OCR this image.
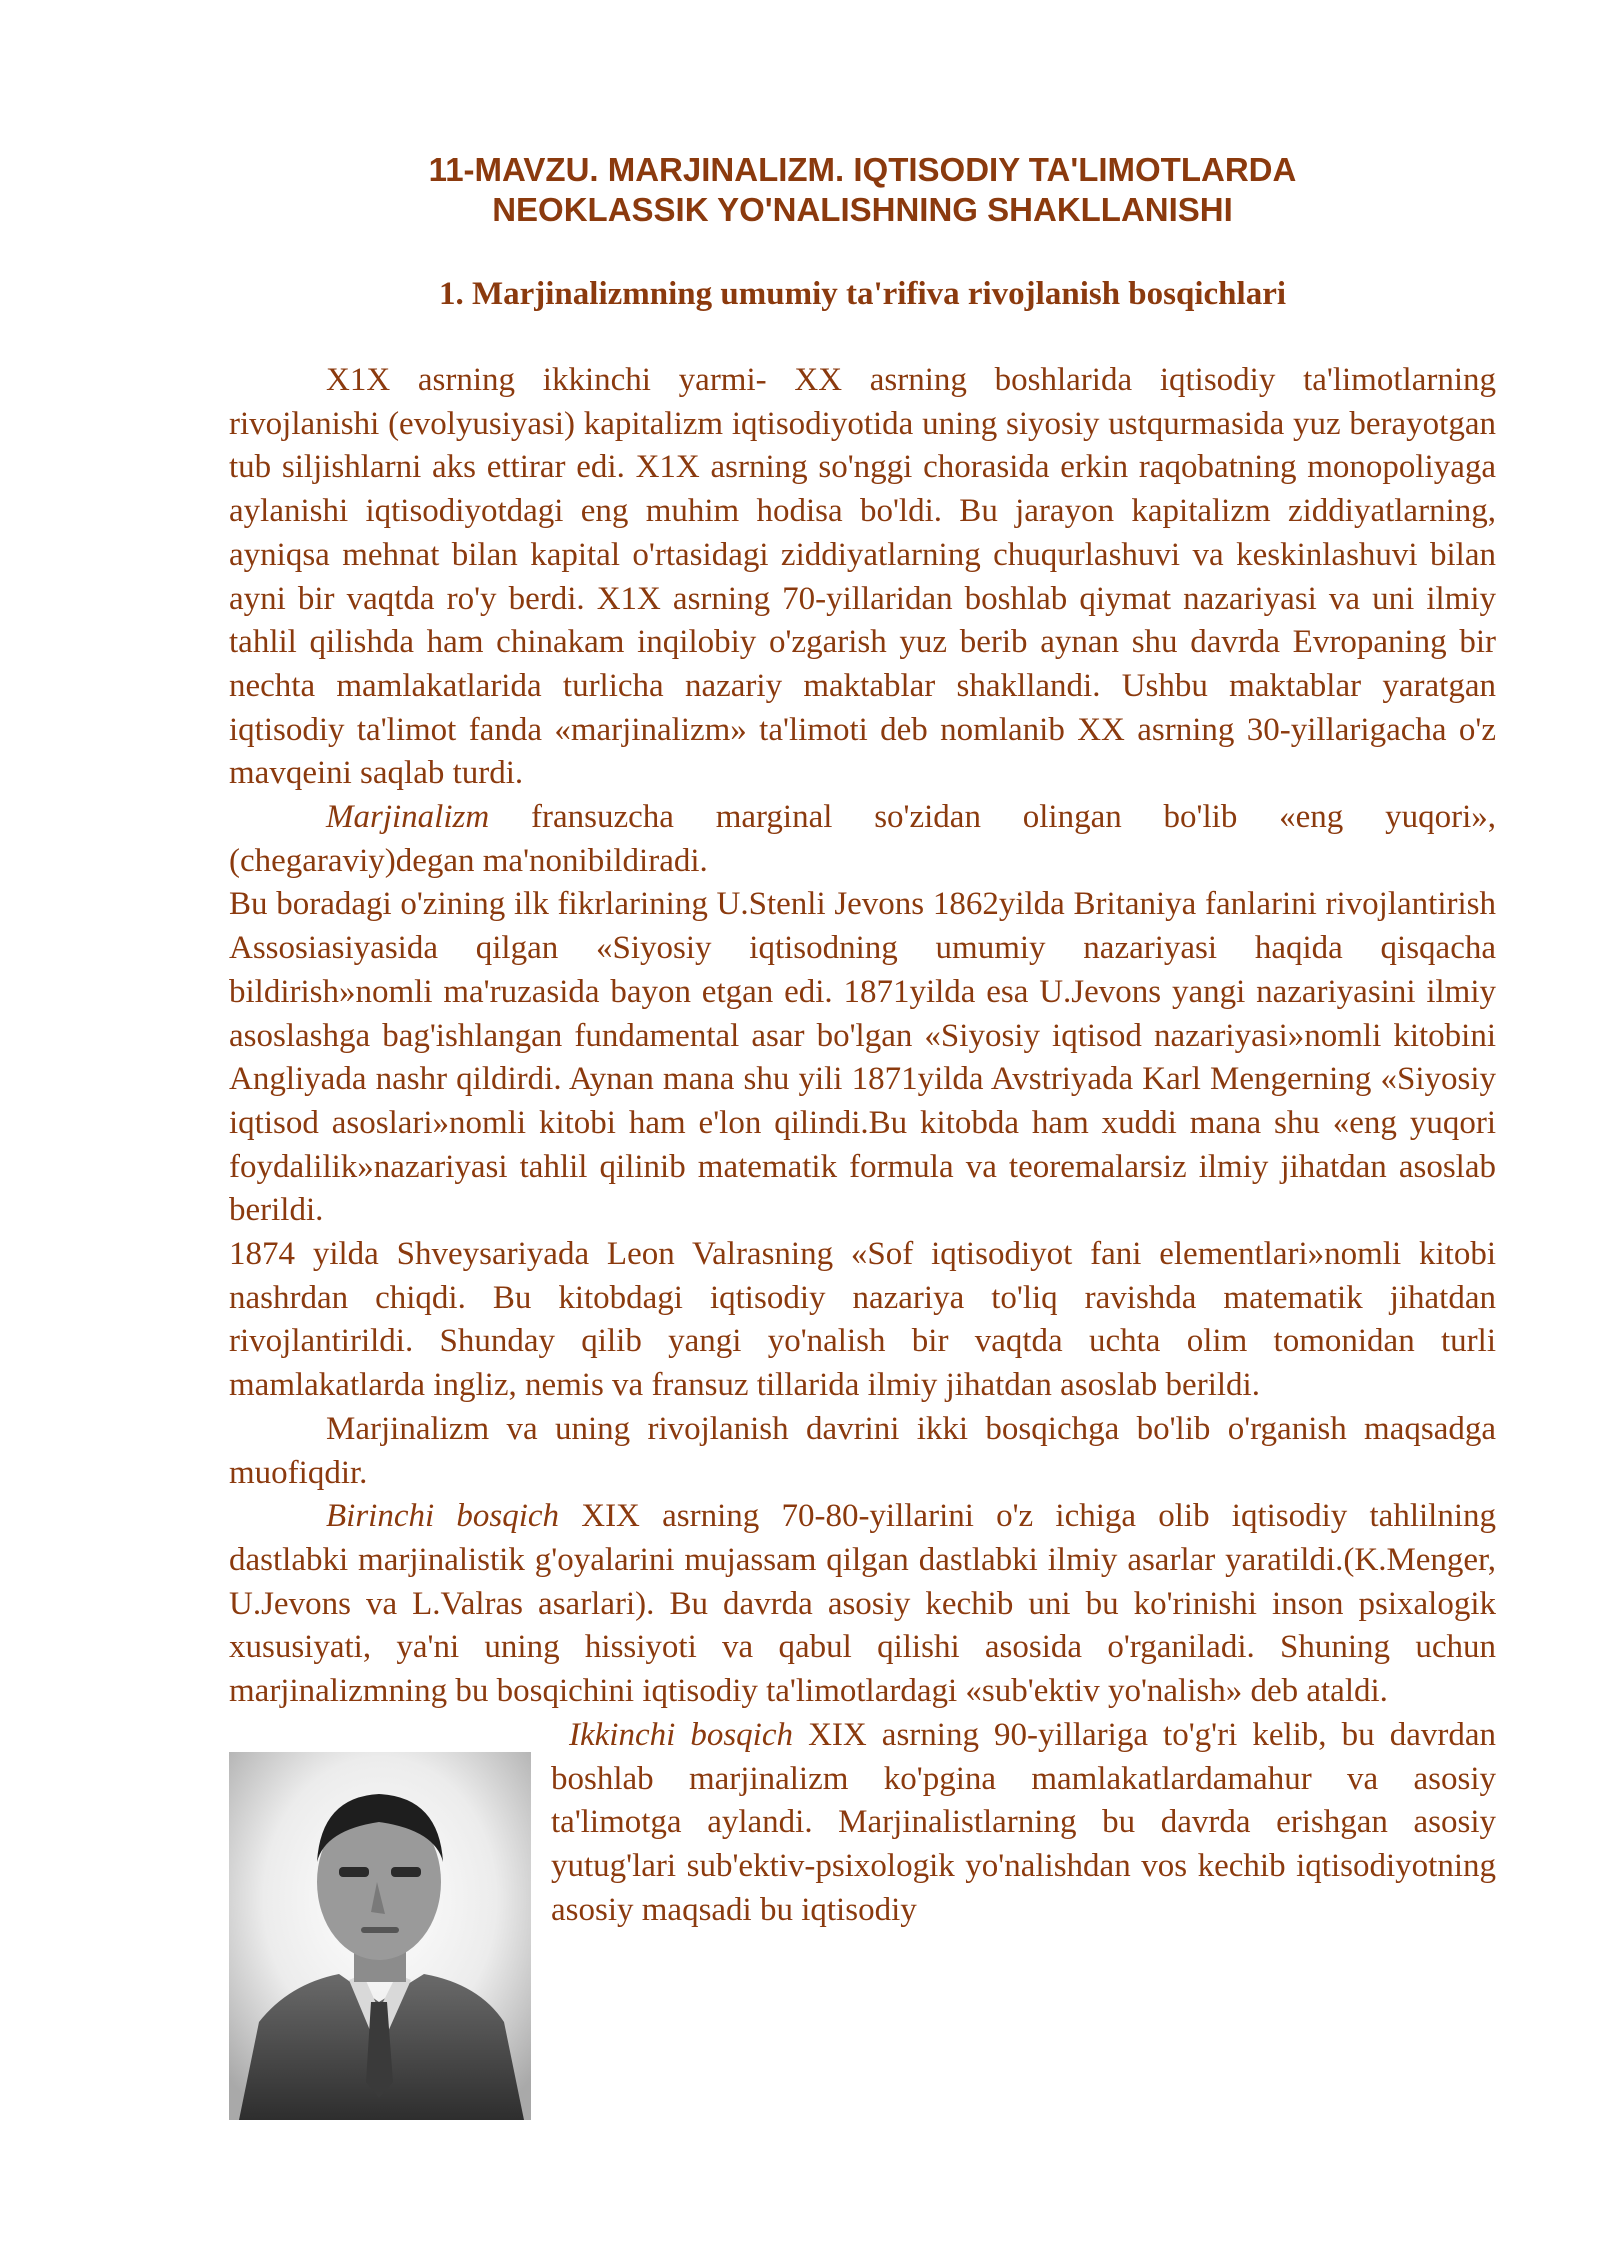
11-MAVZU. MARJINALIZM. IQTISODIY TA'LIMOTLARDA
NEOKLASSIK YO'NALISHNING SHAKLLANISHI
1. Marjinalizmning umumiy ta'rifiva rivojlanish bosqichlari

X1X asrning ikkinchi yarmi- XX asrning boshlarida iqtisodiy ta'limotlarning rivojlanishi (evolyusiyasi) kapitalizm iqtisodiyotida uning siyosiy ustqurmasida yuz berayotgan tub siljishlarni aks ettirar edi. X1X asrning so'nggi chorasida erkin raqobatning monopoliyaga aylanishi iqtisodiyotdagi eng muhim hodisa bo'ldi. Bu jarayon kapitalizm ziddiyatlarning, ayniqsa mehnat bilan kapital o'rtasidagi ziddiyatlarning chuqurlashuvi va keskinlashuvi bilan ayni bir vaqtda ro'y berdi. X1X asrning 70-yillaridan boshlab qiymat nazariyasi va uni ilmiy tahlil qilishda ham chinakam inqilobiy o'zgarish yuz berib aynan shu davrda Evropaning bir nechta mamlakatlarida turlicha nazariy maktablar shakllandi. Ushbu maktablar yaratgan iqtisodiy ta'limot fanda «marjinalizm» ta'limoti deb nomlanib XX asrning 30-yillarigacha o'z mavqeini saqlab turdi.

Marjinalizm fransuzcha marginal so'zidan olingan bo'lib «eng yuqori», (chegaraviy)degan ma'nonibildiradi.

Bu boradagi o'zining ilk fikrlarining U.Stenli Jevons 1862yilda Britaniya fanlarini rivojlantirish Assosiasiyasida qilgan «Siyosiy iqtisodning umumiy nazariyasi haqida qisqacha bildirish»nomli ma'ruzasida bayon etgan edi. 1871yilda esa U.Jevons yangi nazariyasini ilmiy asoslashga bag'ishlangan fundamental asar bo'lgan «Siyosiy iqtisod nazariyasi»nomli kitobini Angliyada nashr qildirdi. Aynan mana shu yili 1871yilda Avstriyada Karl Mengerning «Siyosiy iqtisod asoslari»nomli kitobi ham e'lon qilindi.Bu kitobda ham xuddi mana shu «eng yuqori foydalilik»nazariyasi tahlil qilinib matematik formula va teoremalarsiz ilmiy jihatdan asoslab berildi.

1874 yilda Shveysariyada Leon Valrasning «Sof iqtisodiyot fani elementlari»nomli kitobi nashrdan chiqdi. Bu kitobdagi iqtisodiy nazariya to'liq ravishda matematik jihatdan rivojlantirildi. Shunday qilib yangi yo'nalish bir vaqtda uchta olim tomonidan turli mamlakatlarda ingliz, nemis va fransuz tillarida ilmiy jihatdan asoslab berildi.

Marjinalizm va uning rivojlanish davrini ikki bosqichga bo'lib o'rganish maqsadga muofiqdir.

Birinchi bosqich XIX asrning 70-80-yillarini o'z ichiga olib iqtisodiy tahlilning dastlabki marjinalistik g'oyalarini mujassam qilgan dastlabki ilmiy asarlar yaratildi.(K.Menger, U.Jevons va L.Valras asarlari). Bu davrda asosiy kechib uni bu ko'rinishi inson psixalogik xususiyati, ya'ni uning hissiyoti va qabul qilishi asosida o'rganiladi. Shuning uchun marjinalizmning bu bosqichini iqtisodiy ta'limotlardagi «sub'ektiv yo'nalish» deb ataldi.

Ikkinchi bosqich XIX asrning 90-yillariga to'g'ri kelib, bu davrdan boshlab marjinalizm ko'pgina mamlakatlardamahur va asosiy ta'limotga aylandi. Marjinalistlarning bu davrda erishgan asosiy yutug'lari sub'ektiv-psixologik yo'nalishdan vos kechib iqtisodiyotning asosiy maqsadi bu iqtisodiy
